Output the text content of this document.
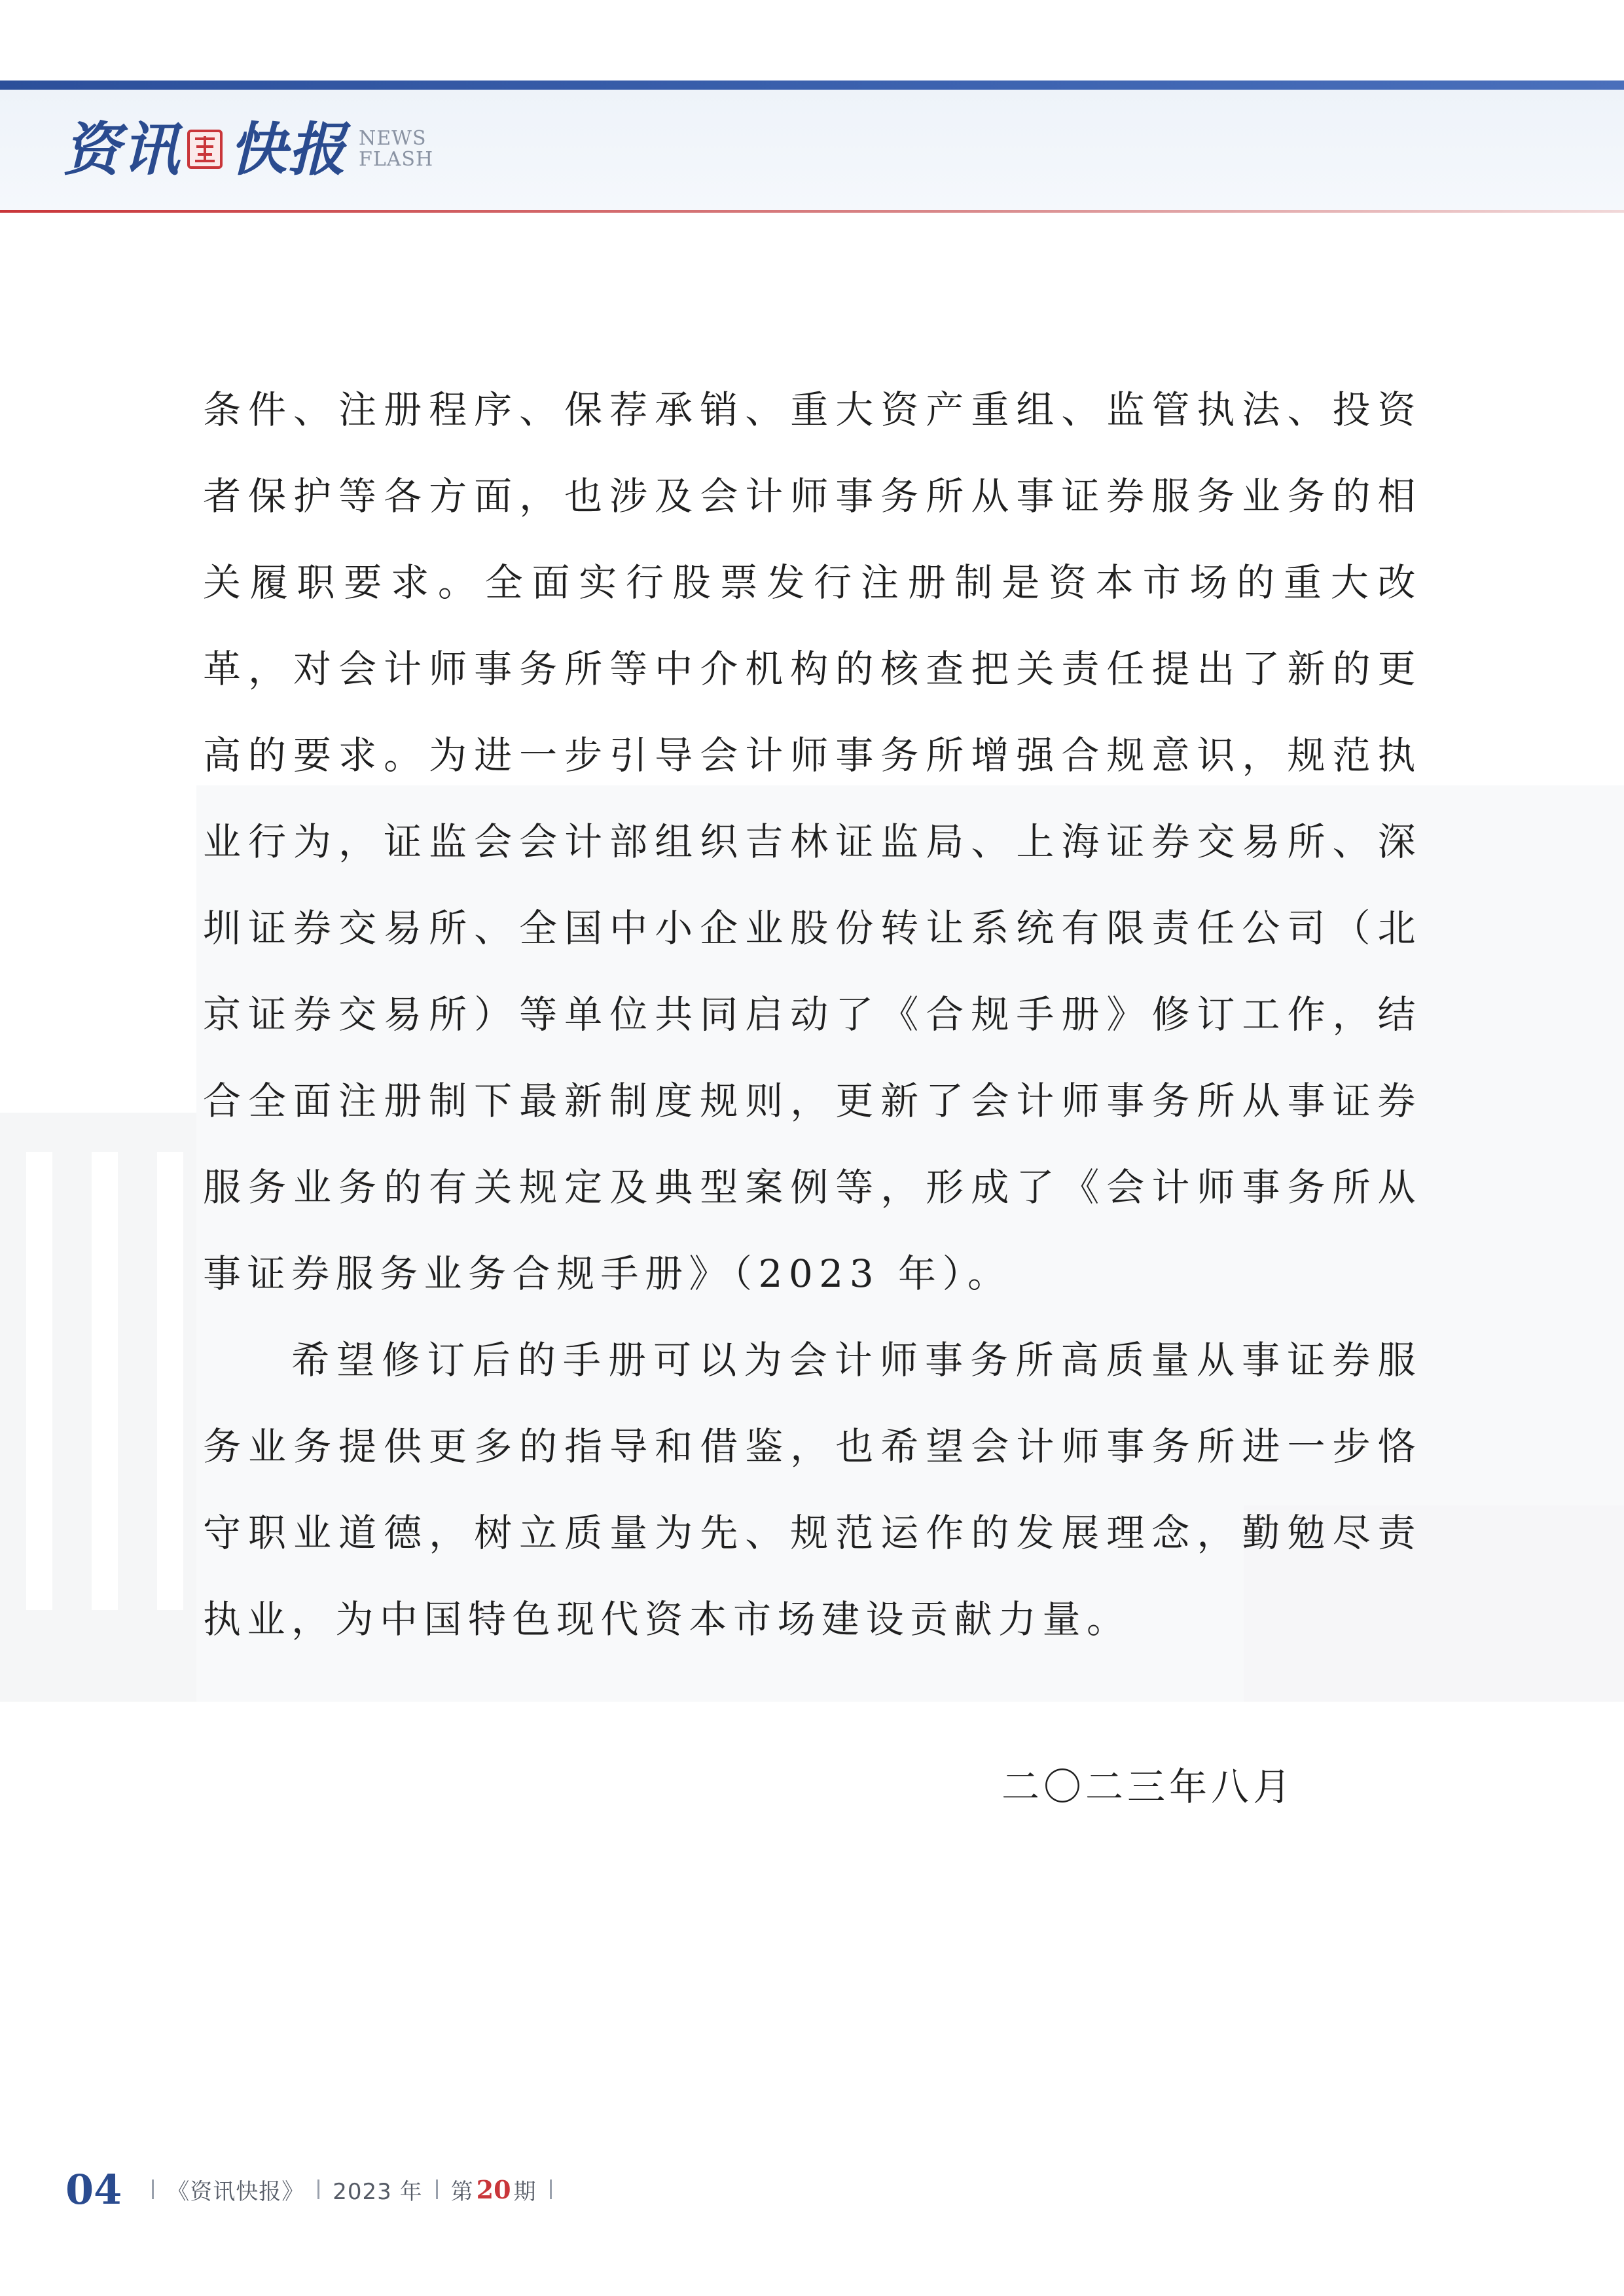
资讯 快报 NEWS
FLASH

条件、注册程序、保荐承销、重大资产重组、监管执法、投资者保护等各方面，也涉及会计师事务所从事证券服务业务的相关履职要求。全面实行股票发行注册制是资本市场的重大改革，对会计师事务所等中介机构的核查把关责任提出了新的更高的要求。为进一步引导会计师事务所增强合规意识，规范执业行为，证监会会计部组织吉林证监局、上海证券交易所、深圳证券交易所、全国中小企业股份转让系统有限责任公司（北京证券交易所）等单位共同启动了《合规手册》修订工作，结合全面注册制下最新制度规则，更新了会计师事务所从事证券服务业务的有关规定及典型案例等，形成了《会计师事务所从事证券服务业务合规手册》（2023 年）。

希望修订后的手册可以为会计师事务所高质量从事证券服务业务提供更多的指导和借鉴，也希望会计师事务所进一步恪守职业道德，树立质量为先、规范运作的发展理念，勤勉尽责执业，为中国特色现代资本市场建设贡献力量。

二〇二三年八月
04 《资讯快报》 2023 年 第 20 期
